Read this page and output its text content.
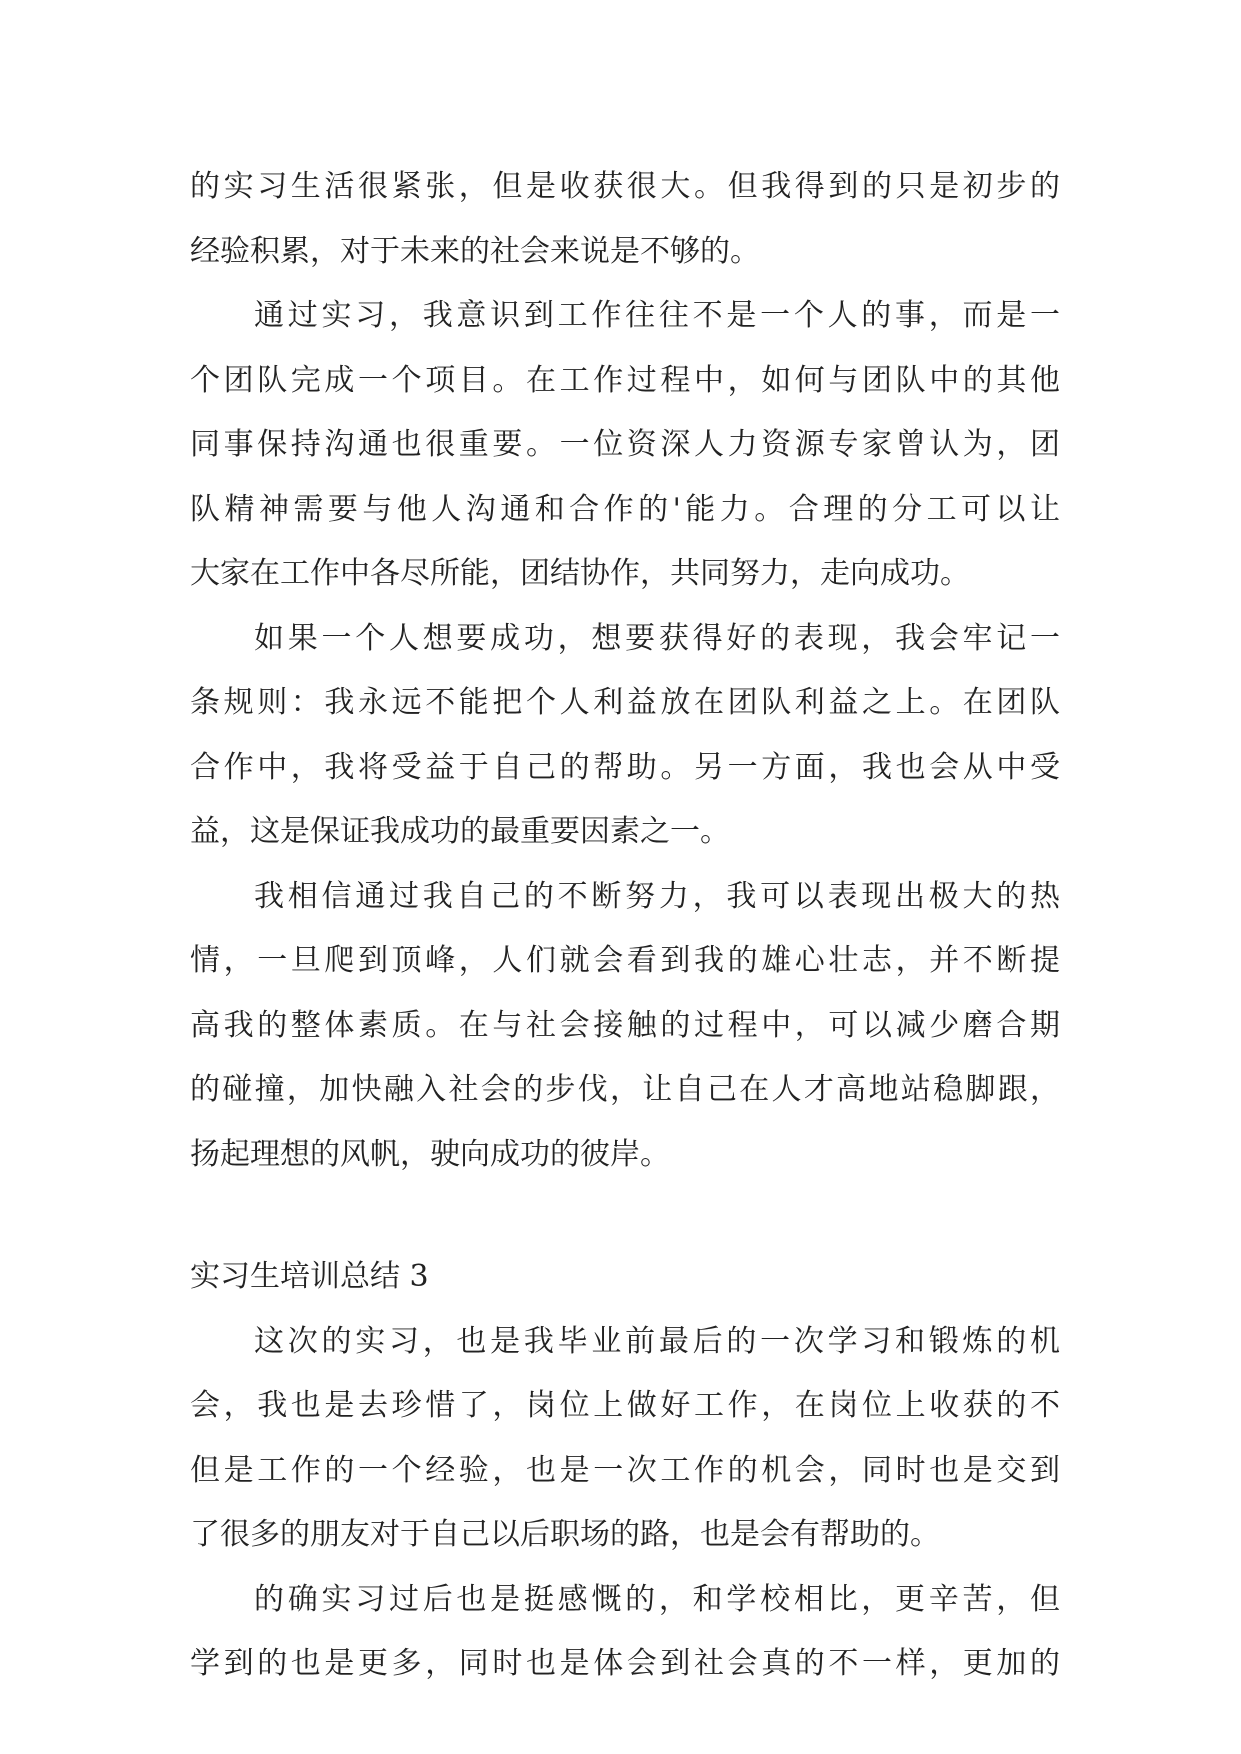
的实习生活很紧张，但是收获很大。但我得到的只是初步的
经验积累，对于未来的社会来说是不够的。
通过实习，我意识到工作往往不是一个人的事，而是一
个团队完成一个项目。在工作过程中，如何与团队中的其他
同事保持沟通也很重要。一位资深人力资源专家曾认为，团
队精神需要与他人沟通和合作的'能力。合理的分工可以让
大家在工作中各尽所能，团结协作，共同努力，走向成功。
如果一个人想要成功，想要获得好的表现，我会牢记一
条规则：我永远不能把个人利益放在团队利益之上。在团队
合作中，我将受益于自己的帮助。另一方面，我也会从中受
益，这是保证我成功的最重要因素之一。
我相信通过我自己的不断努力，我可以表现出极大的热
情，一旦爬到顶峰，人们就会看到我的雄心壮志，并不断提
高我的整体素质。在与社会接触的过程中，可以减少磨合期
的碰撞，加快融入社会的步伐，让自己在人才高地站稳脚跟，
扬起理想的风帆，驶向成功的彼岸。
实习生培训总结 3
这次的实习，也是我毕业前最后的一次学习和锻炼的机
会，我也是去珍惜了，岗位上做好工作，在岗位上收获的不
但是工作的一个经验，也是一次工作的机会，同时也是交到
了很多的朋友对于自己以后职场的路，也是会有帮助的。
的确实习过后也是挺感慨的，和学校相比，更辛苦，但
学到的也是更多，同时也是体会到社会真的不一样，更加的
